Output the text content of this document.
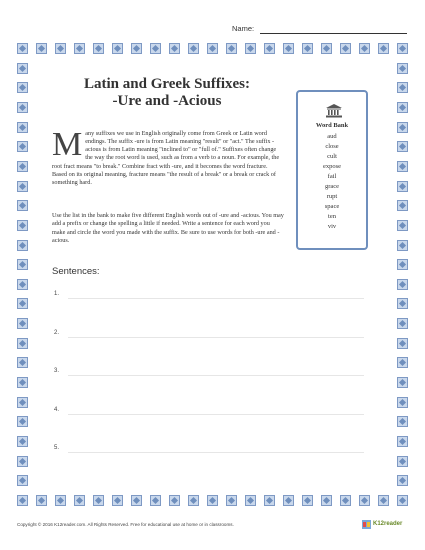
Name:
Latin and Greek Suffixes:
-Ure and -Acious
Many suffixes we use in English originally come from Greek or Latin word endings. The suffix -ure is from Latin meaning "result" or "act." The suffix -acious is from Latin meaning "inclined to" or "full of." Suffixes often change the way the root word is used, such as from a verb to a noun. For example, the root fract means "to break." Combine fract with -ure, and it becomes the word fracture. Based on its original meaning, fracture means "the result of a break" or a break or crack of something hard.
Use the list in the bank to make five different English words out of -ure and -acious. You may add a prefix or change the spelling a little if needed. Write a sentence for each word you make and circle the word you made with the suffix. Be sure to use words for both -ure and -acious.
Word Bank
aud
close
cult
expose
fail
grace
rupt
space
ten
viv
Sentences:
1.
2.
3.
4.
5.
Copyright © 2016 K12reader.com. All Rights Reserved. Free for educational use at home or in classrooms.	K12reader
